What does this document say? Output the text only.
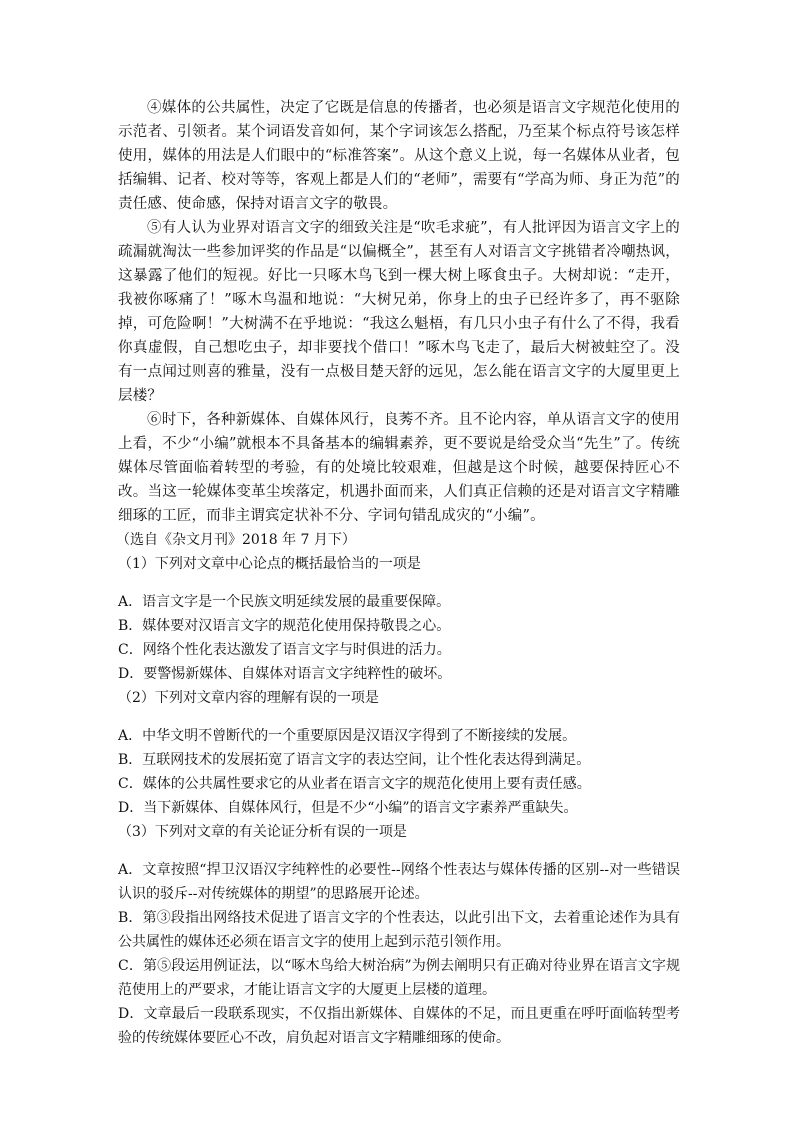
④媒体的公共属性，决定了它既是信息的传播者，也必须是语言文字规范化使用的示范者、引领者。某个词语发音如何，某个字词该怎么搭配，乃至某个标点符号该怎样使用，媒体的用法是人们眼中的“标准答案”。从这个意义上说，每一名媒体从业者，包括编辑、记者、校对等等，客观上都是人们的“老师”，需要有“学高为师、身正为范”的责任感、使命感，保持对语言文字的敬畏。

⑤有人认为业界对语言文字的细致关注是“吹毛求疵”，有人批评因为语言文字上的疏漏就淘汰一些参加评奖的作品是“以偏概全”，甚至有人对语言文字挑错者冷嘲热讽，这暴露了他们的短视。好比一只啄木鸟飞到一棵大树上啄食虫子。大树却说：“走开，我被你啄痛了！”啄木鸟温和地说：“大树兄弟，你身上的虫子已经许多了，再不驱除掉，可危险啊！”大树满不在乎地说：“我这么魁梧，有几只小虫子有什么了不得，我看你真虚假，自己想吃虫子，却非要找个借口！”啄木鸟飞走了，最后大树被蛀空了。没有一点闻过则喜的雅量，没有一点极目楚天舒的远见，怎么能在语言文字的大厦里更上层楼？

⑥时下，各种新媒体、自媒体风行，良莠不齐。且不论内容，单从语言文字的使用上看，不少“小编”就根本不具备基本的编辑素养，更不要说是给受众当“先生”了。传统媒体尽管面临着转型的考验，有的处境比较艰难，但越是这个时候，越要保持匠心不改。当这一轮媒体变革尘埃落定，机遇扑面而来，人们真正信赖的还是对语言文字精雕细琢的工匠，而非主谓宾定状补不分、字词句错乱成灾的“小编”。

（选自《杂文月刊》2018 年 7 月下）

（1）下列对文章中心论点的概括最恰当的一项是

A．语言文字是一个民族文明延续发展的最重要保障。

B．媒体要对汉语言文字的规范化使用保持敬畏之心。

C．网络个性化表达激发了语言文字与时俱进的活力。

D．要警惕新媒体、自媒体对语言文字纯粹性的破坏。

（2）下列对文章内容的理解有误的一项是

A．中华文明不曾断代的一个重要原因是汉语汉字得到了不断接续的发展。

B．互联网技术的发展拓宽了语言文字的表达空间，让个性化表达得到满足。

C．媒体的公共属性要求它的从业者在语言文字的规范化使用上要有责任感。

D．当下新媒体、自媒体风行，但是不少“小编”的语言文字素养严重缺失。

（3）下列对文章的有关论证分析有误的一项是

A．文章按照“捍卫汉语汉字纯粹性的必要性--网络个性表达与媒体传播的区别--对一些错误认识的驳斥--对传统媒体的期望”的思路展开论述。

B．第③段指出网络技术促进了语言文字的个性表达，以此引出下文，去着重论述作为具有公共属性的媒体还必须在语言文字的使用上起到示范引领作用。

C．第⑤段运用例证法，以“啄木鸟给大树治病”为例去阐明只有正确对待业界在语言文字规范使用上的严要求，才能让语言文字的大厦更上层楼的道理。

D．文章最后一段联系现实，不仅指出新媒体、自媒体的不足，而且更重在呼吁面临转型考验的传统媒体要匠心不改，肩负起对语言文字精雕细琢的使命。
